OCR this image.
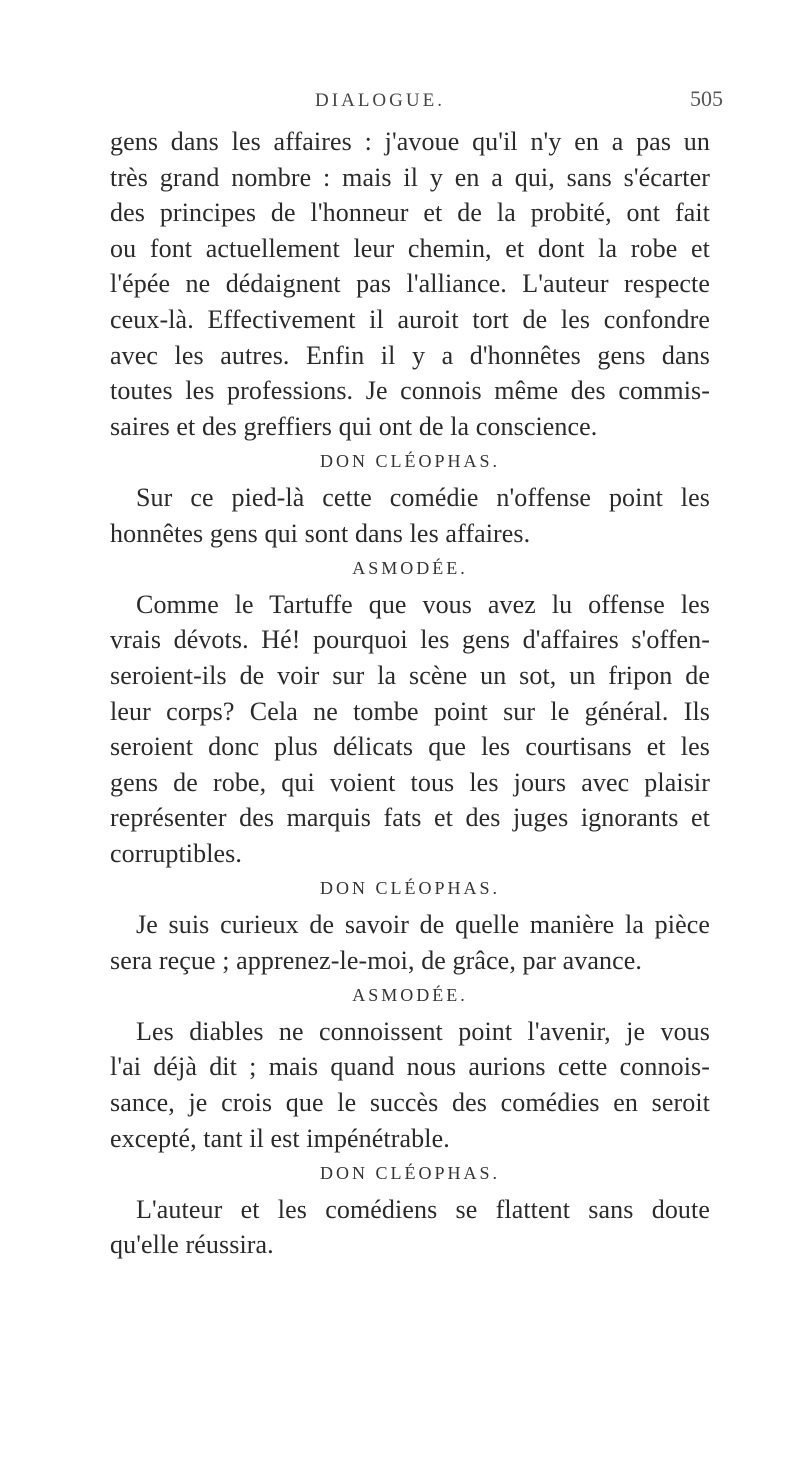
DIALOGUE.	505
gens dans les affaires : j'avoue qu'il n'y en a pas un
très grand nombre : mais il y en a qui, sans s'écarter
des principes de l'honneur et de la probité, ont fait
ou font actuellement leur chemin, et dont la robe et
l'épée ne dédaignent pas l'alliance. L'auteur respecte
ceux-là. Effectivement il auroit tort de les confondre
avec les autres. Enfin il y a d'honnêtes gens dans
toutes les professions. Je connois même des commis-
saires et des greffiers qui ont de la conscience.
DON CLÉOPHAS.
Sur ce pied-là cette comédie n'offense point les
honnêtes gens qui sont dans les affaires.
ASMODÉE.
Comme le Tartuffe que vous avez lu offense les
vrais dévots. Hé! pourquoi les gens d'affaires s'offen-
seroient-ils de voir sur la scène un sot, un fripon de
leur corps? Cela ne tombe point sur le général. Ils
seroient donc plus délicats que les courtisans et les
gens de robe, qui voient tous les jours avec plaisir
représenter des marquis fats et des juges ignorants et
corruptibles.
DON CLÉOPHAS.
Je suis curieux de savoir de quelle manière la pièce
sera reçue ; apprenez-le-moi, de grâce, par avance.
ASMODÉE.
Les diables ne connoissent point l'avenir, je vous
l'ai déjà dit ; mais quand nous aurions cette connois-
sance, je crois que le succès des comédies en seroit
excepté, tant il est impénétrable.
DON CLÉOPHAS.
L'auteur et les comédiens se flattent sans doute
qu'elle réussira.
